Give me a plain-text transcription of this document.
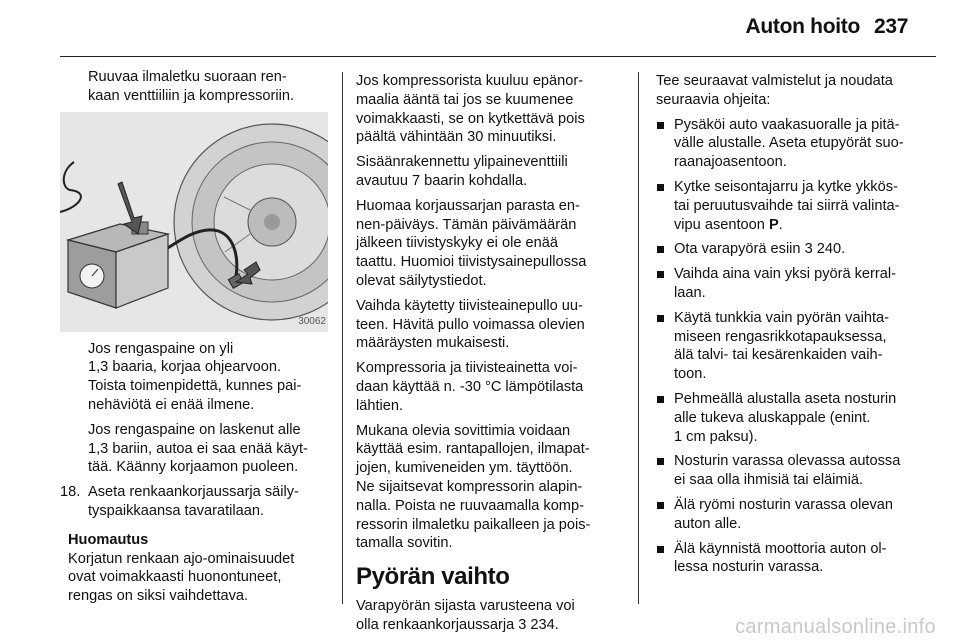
Auton hoito 237
Ruuvaa ilmaletku suoraan ren-
kaan venttiiliin ja kompressoriin.
30062
Jos rengaspaine on yli
1,3 baaria, korjaa ohjearvoon.
Toista toimenpidettä, kunnes pai-
nehäviötä ei enää ilmene.
Jos rengaspaine on laskenut alle
1,3 bariin, autoa ei saa enää käyt-
tää. Käänny korjaamon puoleen.
18. Aseta renkaankorjaussarja säily-
tyspaikkaansa tavaratilaan.
Huomautus
Korjatun renkaan ajo-ominaisuudet
ovat voimakkaasti huonontuneet,
rengas on siksi vaihdettava.
Jos kompressorista kuuluu epänor-
maalia ääntä tai jos se kuumenee
voimakkaasti, se on kytkettävä pois
päältä vähintään 30 minuutiksi.
Sisäänrakennettu ylipaineventtiili
avautuu 7 baarin kohdalla.
Huomaa korjaussarjan parasta en-
nen-päiväys. Tämän päivämäärän
jälkeen tiivistyskyky ei ole enää
taattu. Huomioi tiivistysainepullossa
olevat säilytystiedot.
Vaihda käytetty tiivisteainepullo uu-
teen. Hävitä pullo voimassa olevien
määräysten mukaisesti.
Kompressoria ja tiivisteainetta voi-
daan käyttää n. -30 °C lämpötilasta
lähtien.
Mukana olevia sovittimia voidaan
käyttää esim. rantapallojen, ilmapat-
jojen, kumiveneiden ym. täyttöön.
Ne sijaitsevat kompressorin alapin-
nalla. Poista ne ruuvaamalla komp-
ressorin ilmaletku paikalleen ja pois-
tamalla sovitin.
Pyörän vaihto
Varapyörän sijasta varusteena voi
olla renkaankorjaussarja 3 234.
Tee seuraavat valmistelut ja noudata
seuraavia ohjeita:
Pysäköi auto vaakasuoralle ja pitä-
välle alustalle. Aseta etupyörät suo-
raanajoasentoon.
Kytke seisontajarru ja kytke ykkös-
tai peruutusvaihde tai siirrä valinta-
vipu asentoon P.
Ota varapyörä esiin 3 240.
Vaihda aina vain yksi pyörä kerral-
laan.
Käytä tunkkia vain pyörän vaihta-
miseen rengasrikkotapauksessa,
älä talvi- tai kesärenkaiden vaih-
toon.
Pehmeällä alustalla aseta nosturin
alle tukeva aluskappale (enint.
1 cm paksu).
Nosturin varassa olevassa autossa
ei saa olla ihmisiä tai eläimiä.
Älä ryömi nosturin varassa olevan
auton alle.
Älä käynnistä moottoria auton ol-
lessa nosturin varassa.
carmanualsonline.info
